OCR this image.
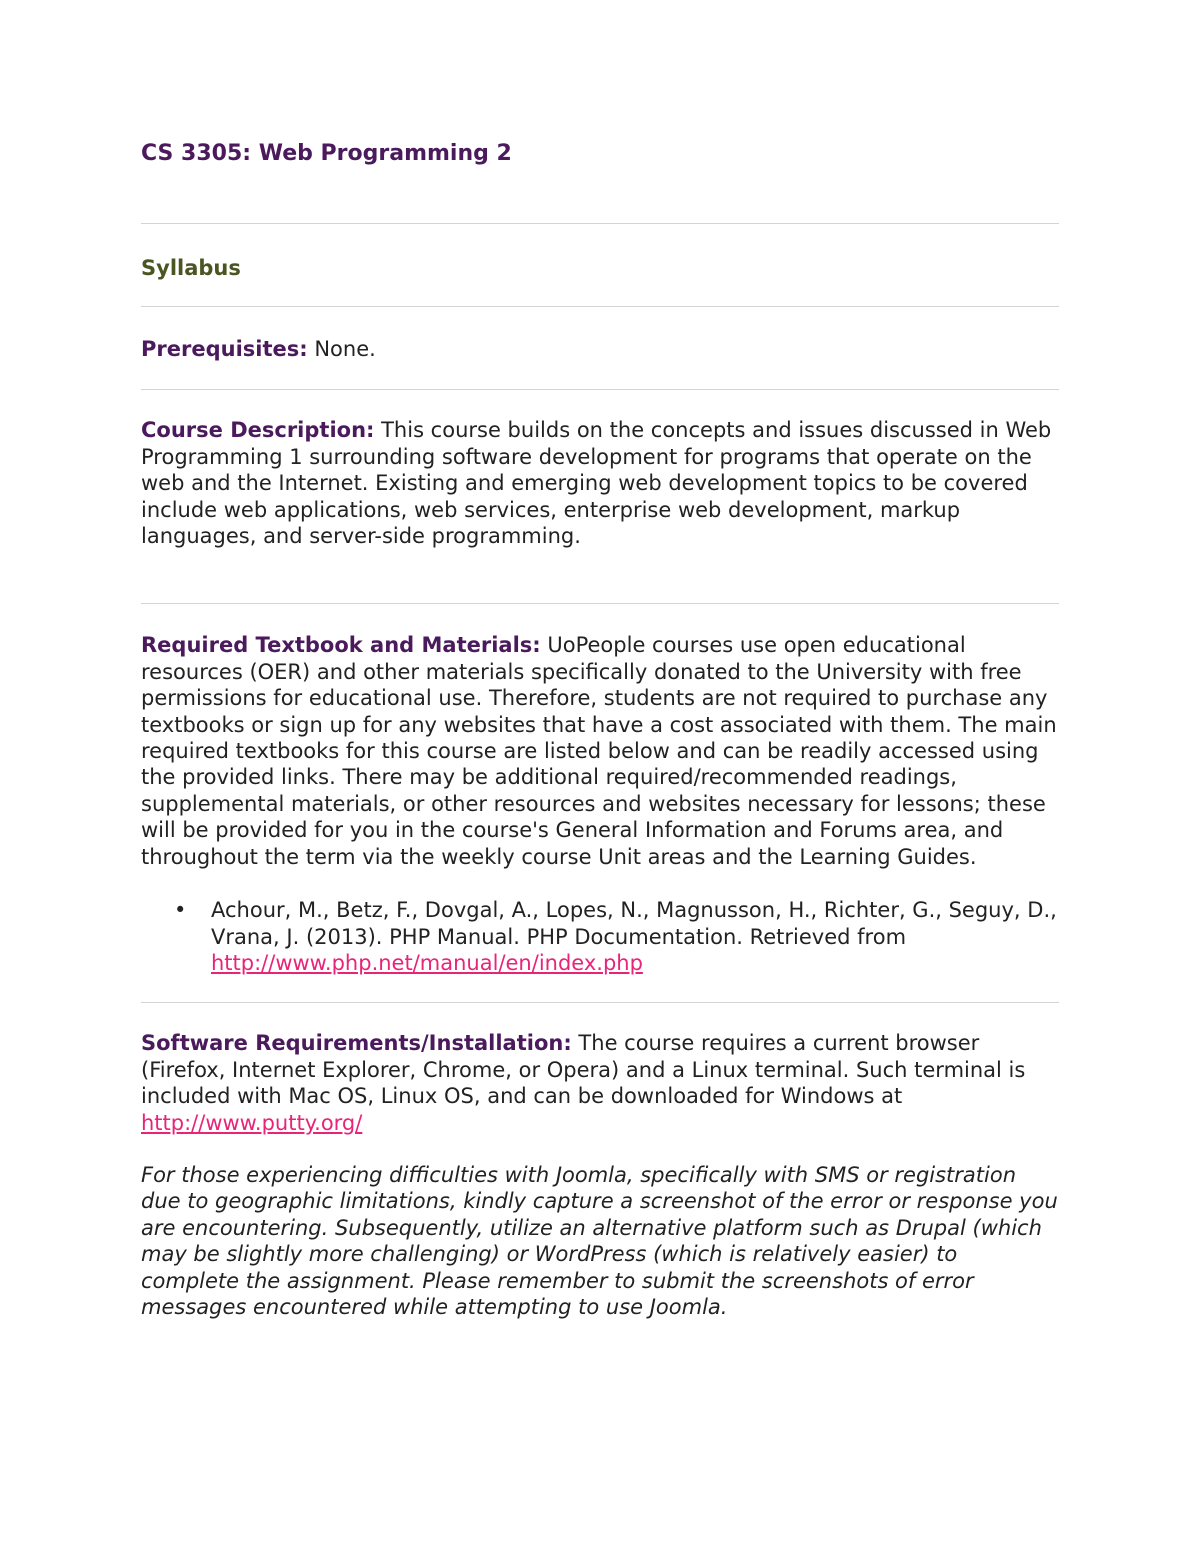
CS 3305: Web Programming 2
Syllabus

Prerequisites: None.

Course Description: This course builds on the concepts and issues discussed in Web Programming 1 surrounding software development for programs that operate on the web and the Internet. Existing and emerging web development topics to be covered include web applications, web services, enterprise web development, markup languages, and server-side programming.

Required Textbook and Materials: UoPeople courses use open educational resources (OER) and other materials specifically donated to the University with free permissions for educational use. Therefore, students are not required to purchase any textbooks or sign up for any websites that have a cost associated with them. The main required textbooks for this course are listed below and can be readily accessed using the provided links. There may be additional required/recommended readings, supplemental materials, or other resources and websites necessary for lessons; these will be provided for you in the course's General Information and Forums area, and throughout the term via the weekly course Unit areas and the Learning Guides.

• Achour, M., Betz, F., Dovgal, A., Lopes, N., Magnusson, H., Richter, G., Seguy, D., Vrana, J. (2013). PHP Manual. PHP Documentation. Retrieved from http://www.php.net/manual/en/index.php

Software Requirements/Installation: The course requires a current browser (Firefox, Internet Explorer, Chrome, or Opera) and a Linux terminal. Such terminal is included with Mac OS, Linux OS, and can be downloaded for Windows at http://www.putty.org/

For those experiencing difficulties with Joomla, specifically with SMS or registration due to geographic limitations, kindly capture a screenshot of the error or response you are encountering. Subsequently, utilize an alternative platform such as Drupal (which may be slightly more challenging) or WordPress (which is relatively easier) to complete the assignment. Please remember to submit the screenshots of error messages encountered while attempting to use Joomla.
